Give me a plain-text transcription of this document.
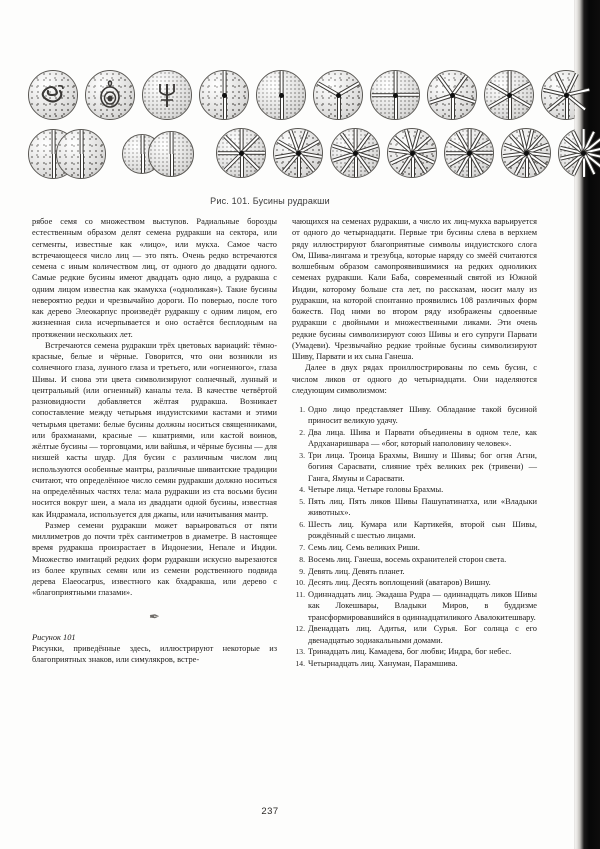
Рис. 101. Бусины рудракши

рябое семя со множеством выступов. Радиальные борозды естественным образом делят семена рудракши на сектора, или сегменты, известные как «лицо», или мукха. Самое часто встречающееся число лиц — это пять. Очень редко встречаются семена с иным количеством лиц, от одного до двадцати одного. Самые редкие бусины имеют двадцать одно лицо, а рудракша с одним лицом известна как экамукха («одноликая»). Такие бусины невероятно редки и чрезвычайно дороги. По поверью, после того как дерево Элеокарпус произведёт рудракшу с одним лицом, его жизненная сила исчерпывается и оно остаётся бесплодным на протяжении нескольких лет.

Встречаются семена рудракши трёх цветовых вариаций: тёмно-красные, белые и чёрные. Говорится, что они возникли из солнечного глаза, лунного глаза и третьего, или «огненного», глаза Шивы. И снова эти цвета символизируют солнечный, лунный и центральный (или огненный) каналы тела. В качестве четвёртой разновидности добавляется жёлтая рудракша. Возникает сопоставление между четырьмя индуистскими кастами и этими четырьмя цветами: белые бусины должны носиться священниками, или брахманами, красные — кшатриями, или кастой воинов, жёлтые бусины — торговцами, или вайшья, и чёрные бусины — для низшей касты шудр. Для бусин с различным числом лиц используются особенные мантры, различные шиваитские традиции считают, что определённое число семян рудракши должно носиться на определённых частях тела: мала рудракши из ста восьми бусин носится вокруг шеи, а мала из двадцати одной бусины, известная как Индрамала, используется для джапы, или начитывания мантр.

Размер семени рудракши может варьироваться от пяти миллиметров до почти трёх сантиметров в диаметре. В настоящее время рудракша произрастает в Индонезии, Непале и Индии. Множество имитаций редких форм рудракши искусно вырезаются из более крупных семян или из семени родственного подвида дерева Elaeocarpus, известного как бхадракша, или дерево с «благоприятными глазами».

✒

Рисунок 101

Рисунки, приведённые здесь, иллюстрируют некоторые из благоприятных знаков, или симулякров, встре-

чающихся на семенах рудракши, а число их лиц-мукха варьируется от одного до четырнадцати. Первые три бусины слева в верхнем ряду иллюстрируют благоприятные символы индуистского слога Ом, Шива-лингама и трезубца, которые наряду со змеёй считаются волшебным образом самопроявившимися на редких одноликих семенах рудракши. Кали Баба, современный святой из Южной Индии, которому больше ста лет, по рассказам, носит малу из рудракши, на которой спонтанно проявились 108 различных форм божеств. Под ними во втором ряду изображены сдвоенные рудракши с двойными и множественными ликами. Эти очень редкие бусины символизируют союз Шивы и его супруги Парвати (Умадеви). Чрезвычайно редкие тройные бусины символизируют Шиву, Парвати и их сына Ганеша.

Далее в двух рядах проиллюстрированы по семь бусин, с числом ликов от одного до четырнадцати. Они наделяются следующим символизмом:

1. Одно лицо представляет Шиву. Обладание такой бусиной приносит великую удачу.
2. Два лица. Шива и Парвати объединены в одном теле, как Ардханаришвара — «бог, который наполовину человек».
3. Три лица. Троица Брахмы, Вишну и Шивы; бог огня Агни, богиня Сарасвати, слияние трёх великих рек (тривени) — Ганга, Ямуны и Сарасвати.
4. Четыре лица. Четыре головы Брахмы.
5. Пять лиц. Пять ликов Шивы Пашупатинатха, или «Владыки животных».
6. Шесть лиц. Кумара или Картикейя, второй сын Шивы, рождённый с шестью лицами.
7. Семь лиц. Семь великих Риши.
8. Восемь лиц. Ганеша, восемь охранителей сторон света.
9. Девять лиц. Девять планет.
10. Десять лиц. Десять воплощений (аватаров) Вишну.
11. Одиннадцать лиц. Экадаша Рудра — одиннадцать ликов Шивы как Локешвары, Владыки Миров, в буддизме трансформировавшийся в одиннадцатиликого Авалокитешвару.
12. Двенадцать лиц. Адитья, или Сурья. Бог солнца с его двенадцатью зодиакальными домами.
13. Тринадцать лиц. Камадева, бог любви; Индра, бог небес.
14. Четырнадцать лиц. Хануман, Парамшива.
237
